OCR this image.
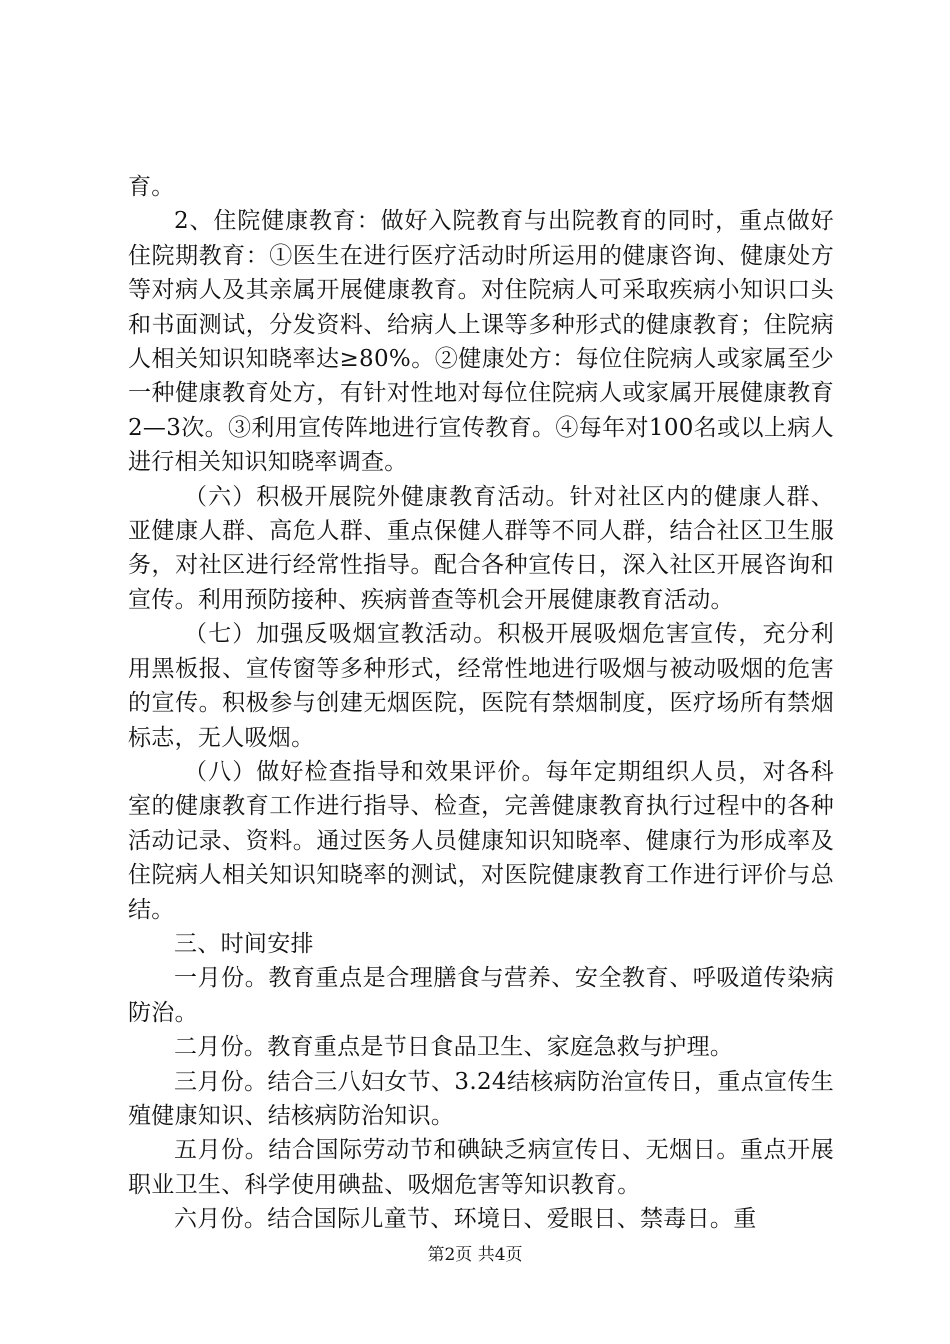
育。

2、住院健康教育：做好入院教育与出院教育的同时，重点做好住院期教育：①医生在进行医疗活动时所运用的健康咨询、健康处方等对病人及其亲属开展健康教育。对住院病人可采取疾病小知识口头和书面测试，分发资料、给病人上课等多种形式的健康教育；住院病人相关知识知晓率达≥80%。②健康处方：每位住院病人或家属至少一种健康教育处方，有针对性地对每位住院病人或家属开展健康教育2—3次。③利用宣传阵地进行宣传教育。④每年对100名或以上病人进行相关知识知晓率调查。

（六）积极开展院外健康教育活动。针对社区内的健康人群、亚健康人群、高危人群、重点保健人群等不同人群，结合社区卫生服务，对社区进行经常性指导。配合各种宣传日，深入社区开展咨询和宣传。利用预防接种、疾病普查等机会开展健康教育活动。

（七）加强反吸烟宣教活动。积极开展吸烟危害宣传，充分利用黑板报、宣传窗等多种形式，经常性地进行吸烟与被动吸烟的危害的宣传。积极参与创建无烟医院，医院有禁烟制度，医疗场所有禁烟标志，无人吸烟。

（八）做好检查指导和效果评价。每年定期组织人员，对各科室的健康教育工作进行指导、检查，完善健康教育执行过程中的各种活动记录、资料。通过医务人员健康知识知晓率、健康行为形成率及住院病人相关知识知晓率的测试，对医院健康教育工作进行评价与总结。

三、时间安排

一月份。教育重点是合理膳食与营养、安全教育、呼吸道传染病防治。

二月份。教育重点是节日食品卫生、家庭急救与护理。

三月份。结合三八妇女节、3.24结核病防治宣传日，重点宣传生殖健康知识、结核病防治知识。

五月份。结合国际劳动节和碘缺乏病宣传日、无烟日。重点开展职业卫生、科学使用碘盐、吸烟危害等知识教育。

六月份。结合国际儿童节、环境日、爱眼日、禁毒日。重

第2页 共4页
